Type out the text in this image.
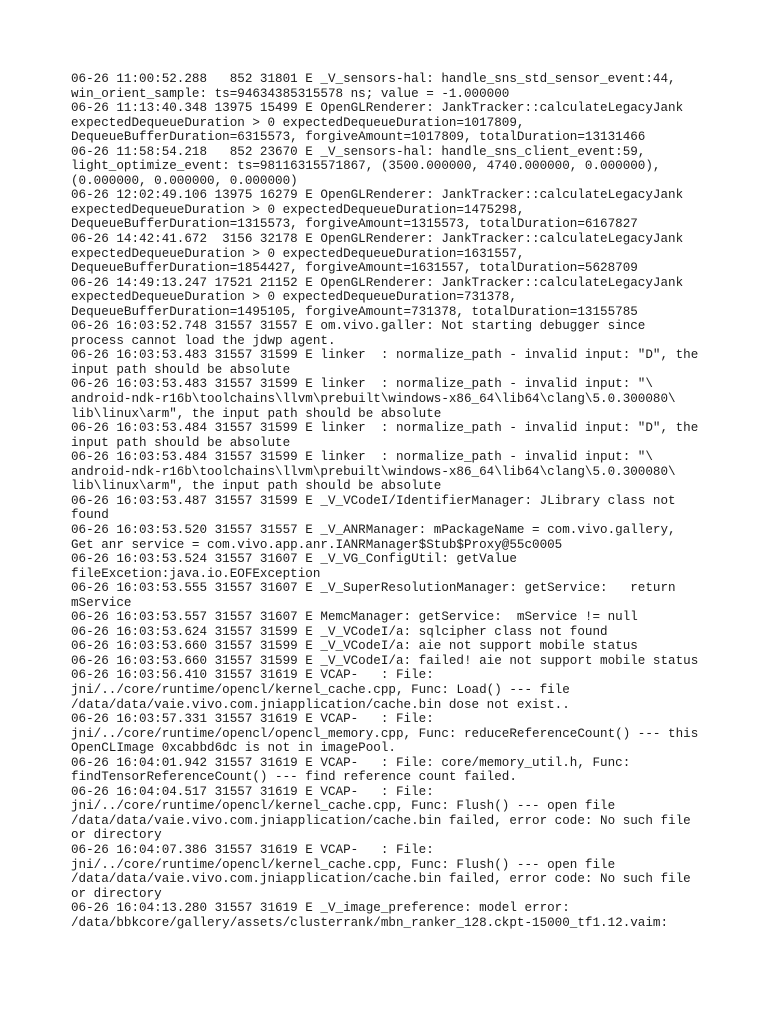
06-26 11:00:52.288   852 31801 E _V_sensors-hal: handle_sns_std_sensor_event:44,
win_orient_sample: ts=94634385315578 ns; value = -1.000000
06-26 11:13:40.348 13975 15499 E OpenGLRenderer: JankTracker::calculateLegacyJank
expectedDequeueDuration > 0 expectedDequeueDuration=1017809,
DequeueBufferDuration=6315573, forgiveAmount=1017809, totalDuration=13131466
06-26 11:58:54.218   852 23670 E _V_sensors-hal: handle_sns_client_event:59,
light_optimize_event: ts=98116315571867, (3500.000000, 4740.000000, 0.000000),
(0.000000, 0.000000, 0.000000)
06-26 12:02:49.106 13975 16279 E OpenGLRenderer: JankTracker::calculateLegacyJank
expectedDequeueDuration > 0 expectedDequeueDuration=1475298,
DequeueBufferDuration=1315573, forgiveAmount=1315573, totalDuration=6167827
06-26 14:42:41.672  3156 32178 E OpenGLRenderer: JankTracker::calculateLegacyJank
expectedDequeueDuration > 0 expectedDequeueDuration=1631557,
DequeueBufferDuration=1854427, forgiveAmount=1631557, totalDuration=5628709
06-26 14:49:13.247 17521 21152 E OpenGLRenderer: JankTracker::calculateLegacyJank
expectedDequeueDuration > 0 expectedDequeueDuration=731378,
DequeueBufferDuration=1495105, forgiveAmount=731378, totalDuration=13155785
06-26 16:03:52.748 31557 31557 E om.vivo.galler: Not starting debugger since
process cannot load the jdwp agent.
06-26 16:03:53.483 31557 31599 E linker  : normalize_path - invalid input: "D", the
input path should be absolute
06-26 16:03:53.483 31557 31599 E linker  : normalize_path - invalid input: "\
android-ndk-r16b\toolchains\llvm\prebuilt\windows-x86_64\lib64\clang\5.0.300080\
lib\linux\arm", the input path should be absolute
06-26 16:03:53.484 31557 31599 E linker  : normalize_path - invalid input: "D", the
input path should be absolute
06-26 16:03:53.484 31557 31599 E linker  : normalize_path - invalid input: "\
android-ndk-r16b\toolchains\llvm\prebuilt\windows-x86_64\lib64\clang\5.0.300080\
lib\linux\arm", the input path should be absolute
06-26 16:03:53.487 31557 31599 E _V_VCodeI/IdentifierManager: JLibrary class not
found
06-26 16:03:53.520 31557 31557 E _V_ANRManager: mPackageName = com.vivo.gallery,
Get anr service = com.vivo.app.anr.IANRManager$Stub$Proxy@55c0005
06-26 16:03:53.524 31557 31607 E _V_VG_ConfigUtil: getValue
fileExcetion:java.io.EOFException
06-26 16:03:53.555 31557 31607 E _V_SuperResolutionManager: getService:   return
mService
06-26 16:03:53.557 31557 31607 E MemcManager: getService:  mService != null
06-26 16:03:53.624 31557 31599 E _V_VCodeI/a: sqlcipher class not found
06-26 16:03:53.660 31557 31599 E _V_VCodeI/a: aie not support mobile status
06-26 16:03:53.660 31557 31599 E _V_VCodeI/a: failed! aie not support mobile status
06-26 16:03:56.410 31557 31619 E VCAP-   : File:
jni/../core/runtime/opencl/kernel_cache.cpp, Func: Load() --- file
/data/data/vaie.vivo.com.jniapplication/cache.bin dose not exist..
06-26 16:03:57.331 31557 31619 E VCAP-   : File:
jni/../core/runtime/opencl/opencl_memory.cpp, Func: reduceReferenceCount() --- this
OpenCLImage 0xcabbd6dc is not in imagePool.
06-26 16:04:01.942 31557 31619 E VCAP-   : File: core/memory_util.h, Func:
findTensorReferenceCount() --- find reference count failed.
06-26 16:04:04.517 31557 31619 E VCAP-   : File:
jni/../core/runtime/opencl/kernel_cache.cpp, Func: Flush() --- open file
/data/data/vaie.vivo.com.jniapplication/cache.bin failed, error code: No such file
or directory
06-26 16:04:07.386 31557 31619 E VCAP-   : File:
jni/../core/runtime/opencl/kernel_cache.cpp, Func: Flush() --- open file
/data/data/vaie.vivo.com.jniapplication/cache.bin failed, error code: No such file
or directory
06-26 16:04:13.280 31557 31619 E _V_image_preference: model error:
/data/bbkcore/gallery/assets/clusterrank/mbn_ranker_128.ckpt-15000_tf1.12.vaim:
